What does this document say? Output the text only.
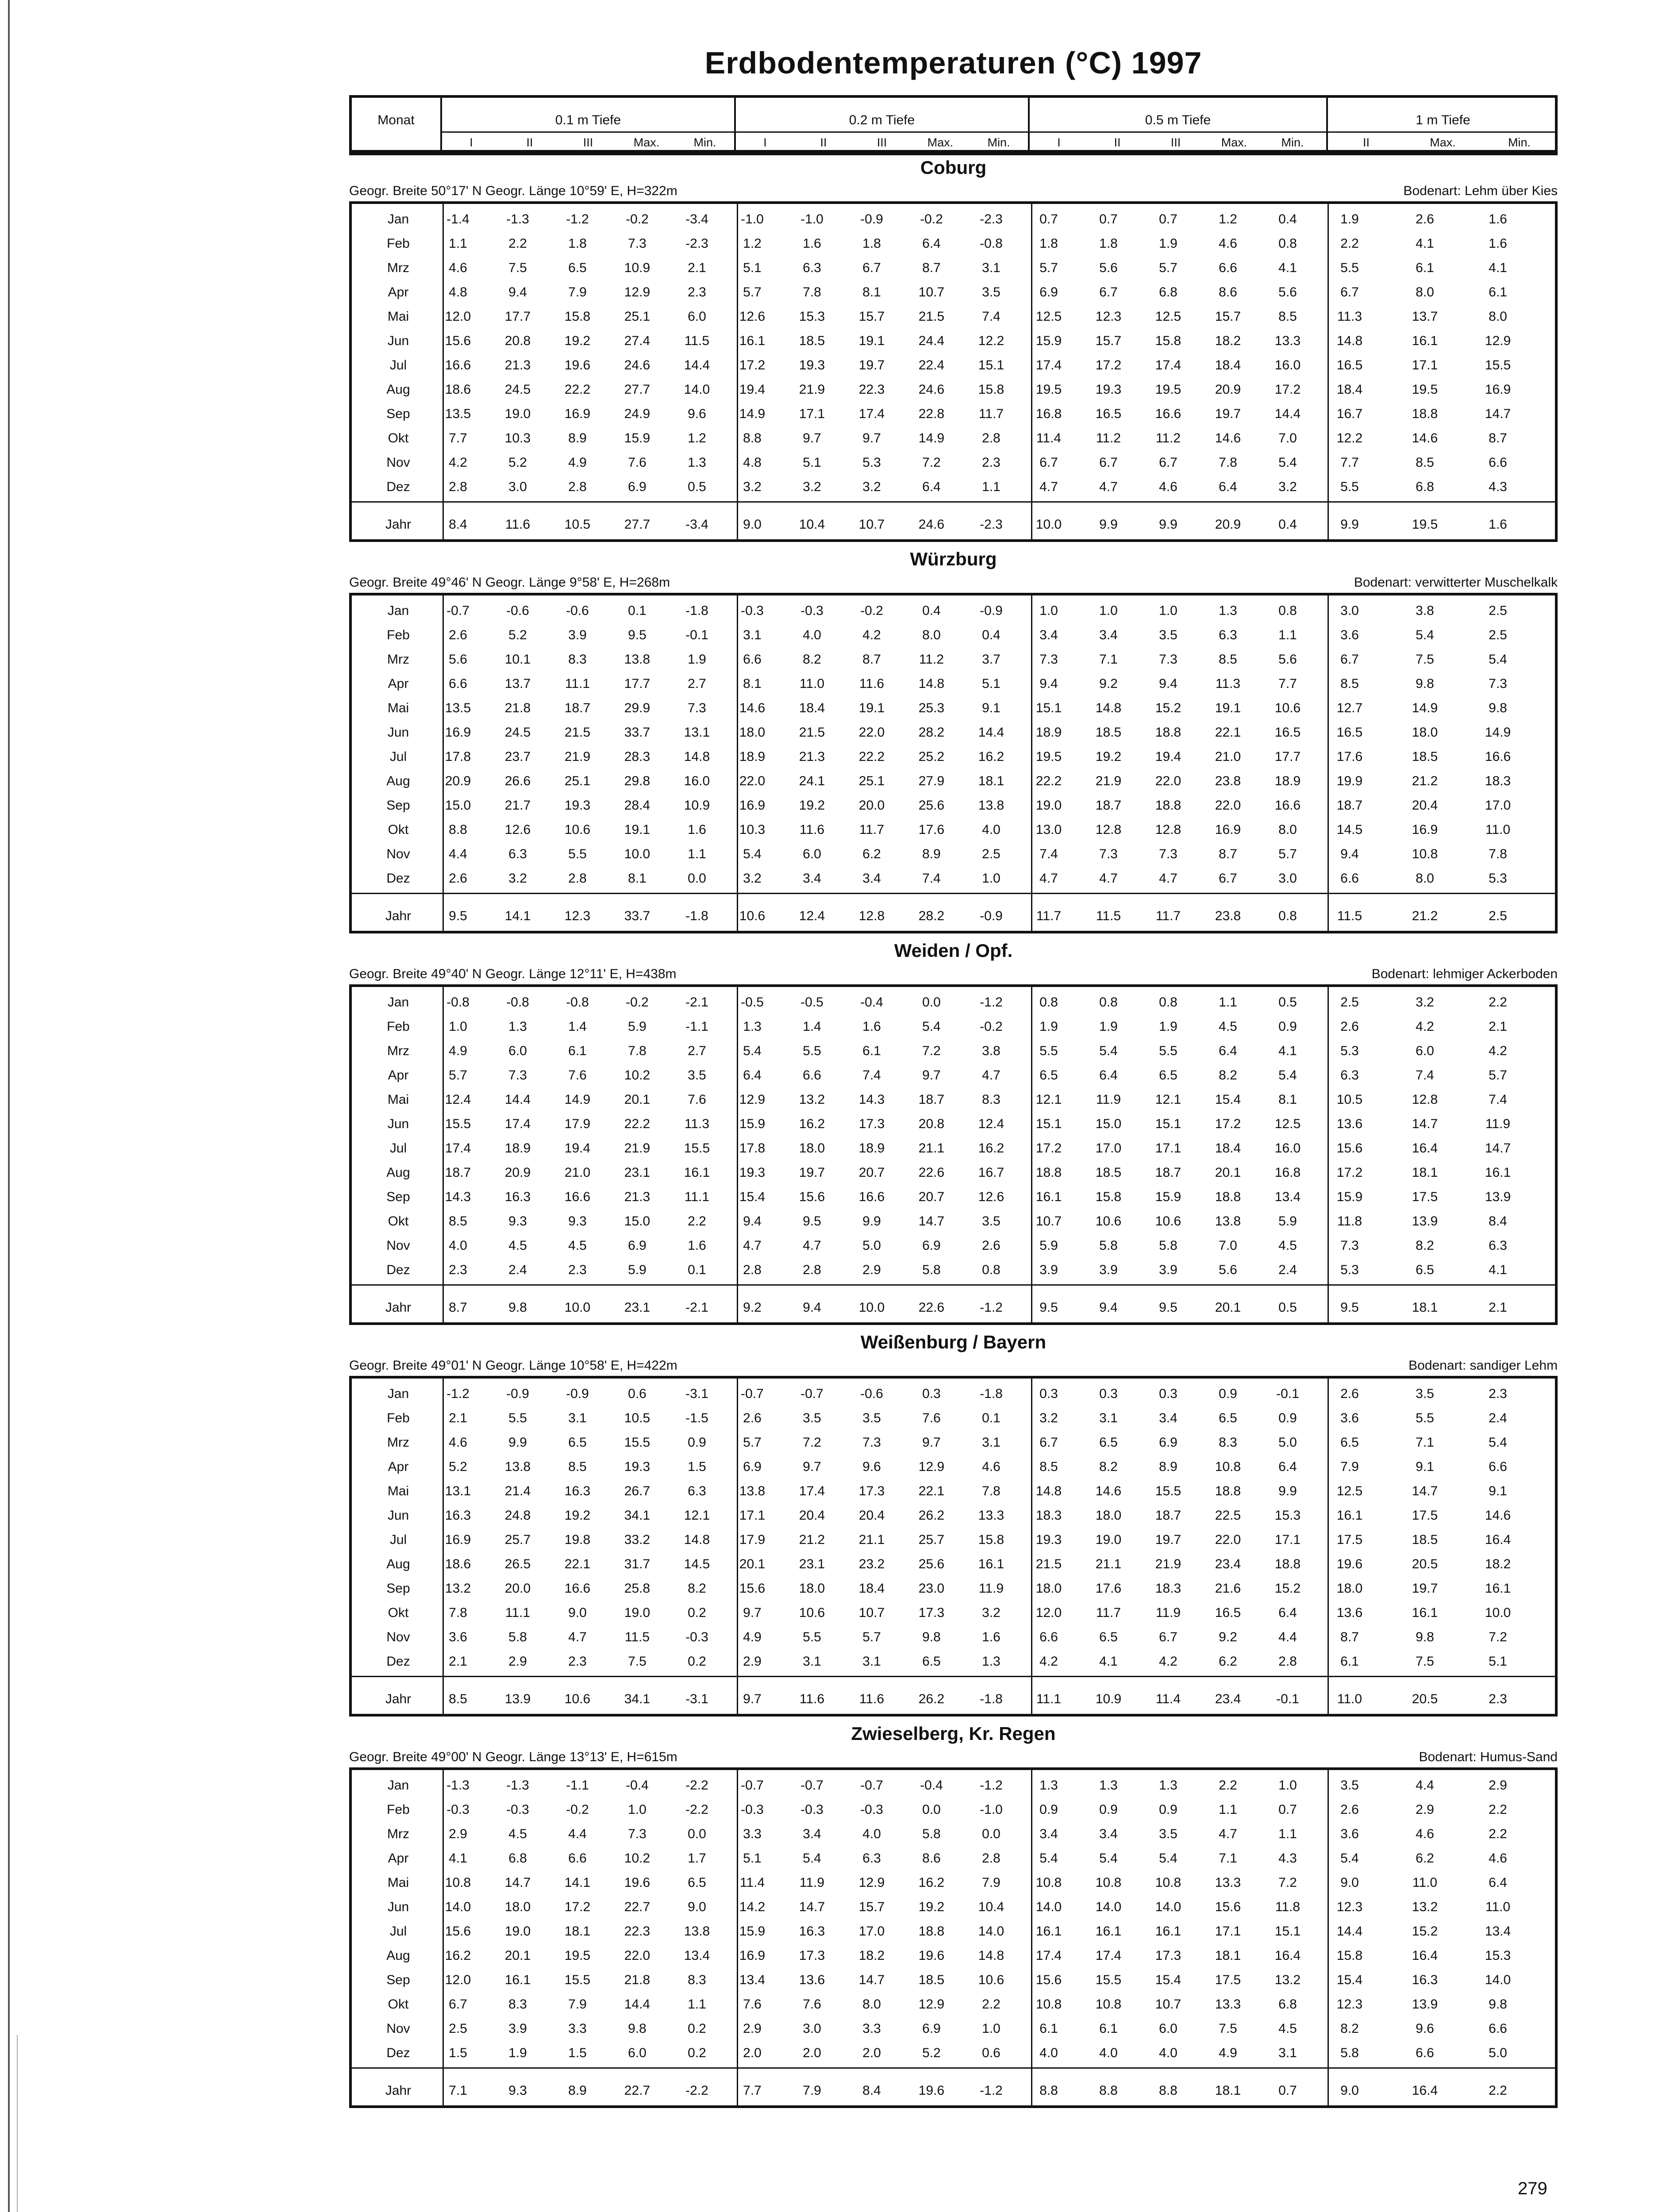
Erdbodentemperaturen (°C) 1997
Monat	0.1 m Tiefe	0.2 m Tiefe	0.5 m Tiefe	1 m Tiefe
I	II	III	Max.	Min.	I	II	III	Max.	Min.	I	II	III	Max.	Min.	II	Max.	Min.
Coburg
Geogr. Breite 50°17' N Geogr. Länge 10°59' E, H=322m	Bodenart: Lehm über Kies
Jan	-1.4	-1.3	-1.2	-0.2	-3.4	-1.0	-1.0	-0.9	-0.2	-2.3	0.7	0.7	0.7	1.2	0.4	1.9	2.6	1.6
Feb	1.1	2.2	1.8	7.3	-2.3	1.2	1.6	1.8	6.4	-0.8	1.8	1.8	1.9	4.6	0.8	2.2	4.1	1.6
Mrz	4.6	7.5	6.5	10.9	2.1	5.1	6.3	6.7	8.7	3.1	5.7	5.6	5.7	6.6	4.1	5.5	6.1	4.1
Apr	4.8	9.4	7.9	12.9	2.3	5.7	7.8	8.1	10.7	3.5	6.9	6.7	6.8	8.6	5.6	6.7	8.0	6.1
Mai	12.0	17.7	15.8	25.1	6.0	12.6	15.3	15.7	21.5	7.4	12.5	12.3	12.5	15.7	8.5	11.3	13.7	8.0
Jun	15.6	20.8	19.2	27.4	11.5	16.1	18.5	19.1	24.4	12.2	15.9	15.7	15.8	18.2	13.3	14.8	16.1	12.9
Jul	16.6	21.3	19.6	24.6	14.4	17.2	19.3	19.7	22.4	15.1	17.4	17.2	17.4	18.4	16.0	16.5	17.1	15.5
Aug	18.6	24.5	22.2	27.7	14.0	19.4	21.9	22.3	24.6	15.8	19.5	19.3	19.5	20.9	17.2	18.4	19.5	16.9
Sep	13.5	19.0	16.9	24.9	9.6	14.9	17.1	17.4	22.8	11.7	16.8	16.5	16.6	19.7	14.4	16.7	18.8	14.7
Okt	7.7	10.3	8.9	15.9	1.2	8.8	9.7	9.7	14.9	2.8	11.4	11.2	11.2	14.6	7.0	12.2	14.6	8.7
Nov	4.2	5.2	4.9	7.6	1.3	4.8	5.1	5.3	7.2	2.3	6.7	6.7	6.7	7.8	5.4	7.7	8.5	6.6
Dez	2.8	3.0	2.8	6.9	0.5	3.2	3.2	3.2	6.4	1.1	4.7	4.7	4.6	6.4	3.2	5.5	6.8	4.3
Jahr	8.4	11.6	10.5	27.7	-3.4	9.0	10.4	10.7	24.6	-2.3	10.0	9.9	9.9	20.9	0.4	9.9	19.5	1.6
Würzburg
Geogr. Breite 49°46' N Geogr. Länge 9°58' E, H=268m	Bodenart: verwitterter Muschelkalk
Jan	-0.7	-0.6	-0.6	0.1	-1.8	-0.3	-0.3	-0.2	0.4	-0.9	1.0	1.0	1.0	1.3	0.8	3.0	3.8	2.5
Feb	2.6	5.2	3.9	9.5	-0.1	3.1	4.0	4.2	8.0	0.4	3.4	3.4	3.5	6.3	1.1	3.6	5.4	2.5
Mrz	5.6	10.1	8.3	13.8	1.9	6.6	8.2	8.7	11.2	3.7	7.3	7.1	7.3	8.5	5.6	6.7	7.5	5.4
Apr	6.6	13.7	11.1	17.7	2.7	8.1	11.0	11.6	14.8	5.1	9.4	9.2	9.4	11.3	7.7	8.5	9.8	7.3
Mai	13.5	21.8	18.7	29.9	7.3	14.6	18.4	19.1	25.3	9.1	15.1	14.8	15.2	19.1	10.6	12.7	14.9	9.8
Jun	16.9	24.5	21.5	33.7	13.1	18.0	21.5	22.0	28.2	14.4	18.9	18.5	18.8	22.1	16.5	16.5	18.0	14.9
Jul	17.8	23.7	21.9	28.3	14.8	18.9	21.3	22.2	25.2	16.2	19.5	19.2	19.4	21.0	17.7	17.6	18.5	16.6
Aug	20.9	26.6	25.1	29.8	16.0	22.0	24.1	25.1	27.9	18.1	22.2	21.9	22.0	23.8	18.9	19.9	21.2	18.3
Sep	15.0	21.7	19.3	28.4	10.9	16.9	19.2	20.0	25.6	13.8	19.0	18.7	18.8	22.0	16.6	18.7	20.4	17.0
Okt	8.8	12.6	10.6	19.1	1.6	10.3	11.6	11.7	17.6	4.0	13.0	12.8	12.8	16.9	8.0	14.5	16.9	11.0
Nov	4.4	6.3	5.5	10.0	1.1	5.4	6.0	6.2	8.9	2.5	7.4	7.3	7.3	8.7	5.7	9.4	10.8	7.8
Dez	2.6	3.2	2.8	8.1	0.0	3.2	3.4	3.4	7.4	1.0	4.7	4.7	4.7	6.7	3.0	6.6	8.0	5.3
Jahr	9.5	14.1	12.3	33.7	-1.8	10.6	12.4	12.8	28.2	-0.9	11.7	11.5	11.7	23.8	0.8	11.5	21.2	2.5
Weiden / Opf.
Geogr. Breite 49°40' N Geogr. Länge 12°11' E, H=438m	Bodenart: lehmiger Ackerboden
Jan	-0.8	-0.8	-0.8	-0.2	-2.1	-0.5	-0.5	-0.4	0.0	-1.2	0.8	0.8	0.8	1.1	0.5	2.5	3.2	2.2
Feb	1.0	1.3	1.4	5.9	-1.1	1.3	1.4	1.6	5.4	-0.2	1.9	1.9	1.9	4.5	0.9	2.6	4.2	2.1
Mrz	4.9	6.0	6.1	7.8	2.7	5.4	5.5	6.1	7.2	3.8	5.5	5.4	5.5	6.4	4.1	5.3	6.0	4.2
Apr	5.7	7.3	7.6	10.2	3.5	6.4	6.6	7.4	9.7	4.7	6.5	6.4	6.5	8.2	5.4	6.3	7.4	5.7
Mai	12.4	14.4	14.9	20.1	7.6	12.9	13.2	14.3	18.7	8.3	12.1	11.9	12.1	15.4	8.1	10.5	12.8	7.4
Jun	15.5	17.4	17.9	22.2	11.3	15.9	16.2	17.3	20.8	12.4	15.1	15.0	15.1	17.2	12.5	13.6	14.7	11.9
Jul	17.4	18.9	19.4	21.9	15.5	17.8	18.0	18.9	21.1	16.2	17.2	17.0	17.1	18.4	16.0	15.6	16.4	14.7
Aug	18.7	20.9	21.0	23.1	16.1	19.3	19.7	20.7	22.6	16.7	18.8	18.5	18.7	20.1	16.8	17.2	18.1	16.1
Sep	14.3	16.3	16.6	21.3	11.1	15.4	15.6	16.6	20.7	12.6	16.1	15.8	15.9	18.8	13.4	15.9	17.5	13.9
Okt	8.5	9.3	9.3	15.0	2.2	9.4	9.5	9.9	14.7	3.5	10.7	10.6	10.6	13.8	5.9	11.8	13.9	8.4
Nov	4.0	4.5	4.5	6.9	1.6	4.7	4.7	5.0	6.9	2.6	5.9	5.8	5.8	7.0	4.5	7.3	8.2	6.3
Dez	2.3	2.4	2.3	5.9	0.1	2.8	2.8	2.9	5.8	0.8	3.9	3.9	3.9	5.6	2.4	5.3	6.5	4.1
Jahr	8.7	9.8	10.0	23.1	-2.1	9.2	9.4	10.0	22.6	-1.2	9.5	9.4	9.5	20.1	0.5	9.5	18.1	2.1
Weißenburg / Bayern
Geogr. Breite 49°01' N Geogr. Länge 10°58' E, H=422m	Bodenart: sandiger Lehm
Jan	-1.2	-0.9	-0.9	0.6	-3.1	-0.7	-0.7	-0.6	0.3	-1.8	0.3	0.3	0.3	0.9	-0.1	2.6	3.5	2.3
Feb	2.1	5.5	3.1	10.5	-1.5	2.6	3.5	3.5	7.6	0.1	3.2	3.1	3.4	6.5	0.9	3.6	5.5	2.4
Mrz	4.6	9.9	6.5	15.5	0.9	5.7	7.2	7.3	9.7	3.1	6.7	6.5	6.9	8.3	5.0	6.5	7.1	5.4
Apr	5.2	13.8	8.5	19.3	1.5	6.9	9.7	9.6	12.9	4.6	8.5	8.2	8.9	10.8	6.4	7.9	9.1	6.6
Mai	13.1	21.4	16.3	26.7	6.3	13.8	17.4	17.3	22.1	7.8	14.8	14.6	15.5	18.8	9.9	12.5	14.7	9.1
Jun	16.3	24.8	19.2	34.1	12.1	17.1	20.4	20.4	26.2	13.3	18.3	18.0	18.7	22.5	15.3	16.1	17.5	14.6
Jul	16.9	25.7	19.8	33.2	14.8	17.9	21.2	21.1	25.7	15.8	19.3	19.0	19.7	22.0	17.1	17.5	18.5	16.4
Aug	18.6	26.5	22.1	31.7	14.5	20.1	23.1	23.2	25.6	16.1	21.5	21.1	21.9	23.4	18.8	19.6	20.5	18.2
Sep	13.2	20.0	16.6	25.8	8.2	15.6	18.0	18.4	23.0	11.9	18.0	17.6	18.3	21.6	15.2	18.0	19.7	16.1
Okt	7.8	11.1	9.0	19.0	0.2	9.7	10.6	10.7	17.3	3.2	12.0	11.7	11.9	16.5	6.4	13.6	16.1	10.0
Nov	3.6	5.8	4.7	11.5	-0.3	4.9	5.5	5.7	9.8	1.6	6.6	6.5	6.7	9.2	4.4	8.7	9.8	7.2
Dez	2.1	2.9	2.3	7.5	0.2	2.9	3.1	3.1	6.5	1.3	4.2	4.1	4.2	6.2	2.8	6.1	7.5	5.1
Jahr	8.5	13.9	10.6	34.1	-3.1	9.7	11.6	11.6	26.2	-1.8	11.1	10.9	11.4	23.4	-0.1	11.0	20.5	2.3
Zwieselberg, Kr. Regen
Geogr. Breite 49°00' N Geogr. Länge 13°13' E, H=615m	Bodenart: Humus-Sand
Jan	-1.3	-1.3	-1.1	-0.4	-2.2	-0.7	-0.7	-0.7	-0.4	-1.2	1.3	1.3	1.3	2.2	1.0	3.5	4.4	2.9
Feb	-0.3	-0.3	-0.2	1.0	-2.2	-0.3	-0.3	-0.3	0.0	-1.0	0.9	0.9	0.9	1.1	0.7	2.6	2.9	2.2
Mrz	2.9	4.5	4.4	7.3	0.0	3.3	3.4	4.0	5.8	0.0	3.4	3.4	3.5	4.7	1.1	3.6	4.6	2.2
Apr	4.1	6.8	6.6	10.2	1.7	5.1	5.4	6.3	8.6	2.8	5.4	5.4	5.4	7.1	4.3	5.4	6.2	4.6
Mai	10.8	14.7	14.1	19.6	6.5	11.4	11.9	12.9	16.2	7.9	10.8	10.8	10.8	13.3	7.2	9.0	11.0	6.4
Jun	14.0	18.0	17.2	22.7	9.0	14.2	14.7	15.7	19.2	10.4	14.0	14.0	14.0	15.6	11.8	12.3	13.2	11.0
Jul	15.6	19.0	18.1	22.3	13.8	15.9	16.3	17.0	18.8	14.0	16.1	16.1	16.1	17.1	15.1	14.4	15.2	13.4
Aug	16.2	20.1	19.5	22.0	13.4	16.9	17.3	18.2	19.6	14.8	17.4	17.4	17.3	18.1	16.4	15.8	16.4	15.3
Sep	12.0	16.1	15.5	21.8	8.3	13.4	13.6	14.7	18.5	10.6	15.6	15.5	15.4	17.5	13.2	15.4	16.3	14.0
Okt	6.7	8.3	7.9	14.4	1.1	7.6	7.6	8.0	12.9	2.2	10.8	10.8	10.7	13.3	6.8	12.3	13.9	9.8
Nov	2.5	3.9	3.3	9.8	0.2	2.9	3.0	3.3	6.9	1.0	6.1	6.1	6.0	7.5	4.5	8.2	9.6	6.6
Dez	1.5	1.9	1.5	6.0	0.2	2.0	2.0	2.0	5.2	0.6	4.0	4.0	4.0	4.9	3.1	5.8	6.6	5.0
Jahr	7.1	9.3	8.9	22.7	-2.2	7.7	7.9	8.4	19.6	-1.2	8.8	8.8	8.8	18.1	0.7	9.0	16.4	2.2
279
